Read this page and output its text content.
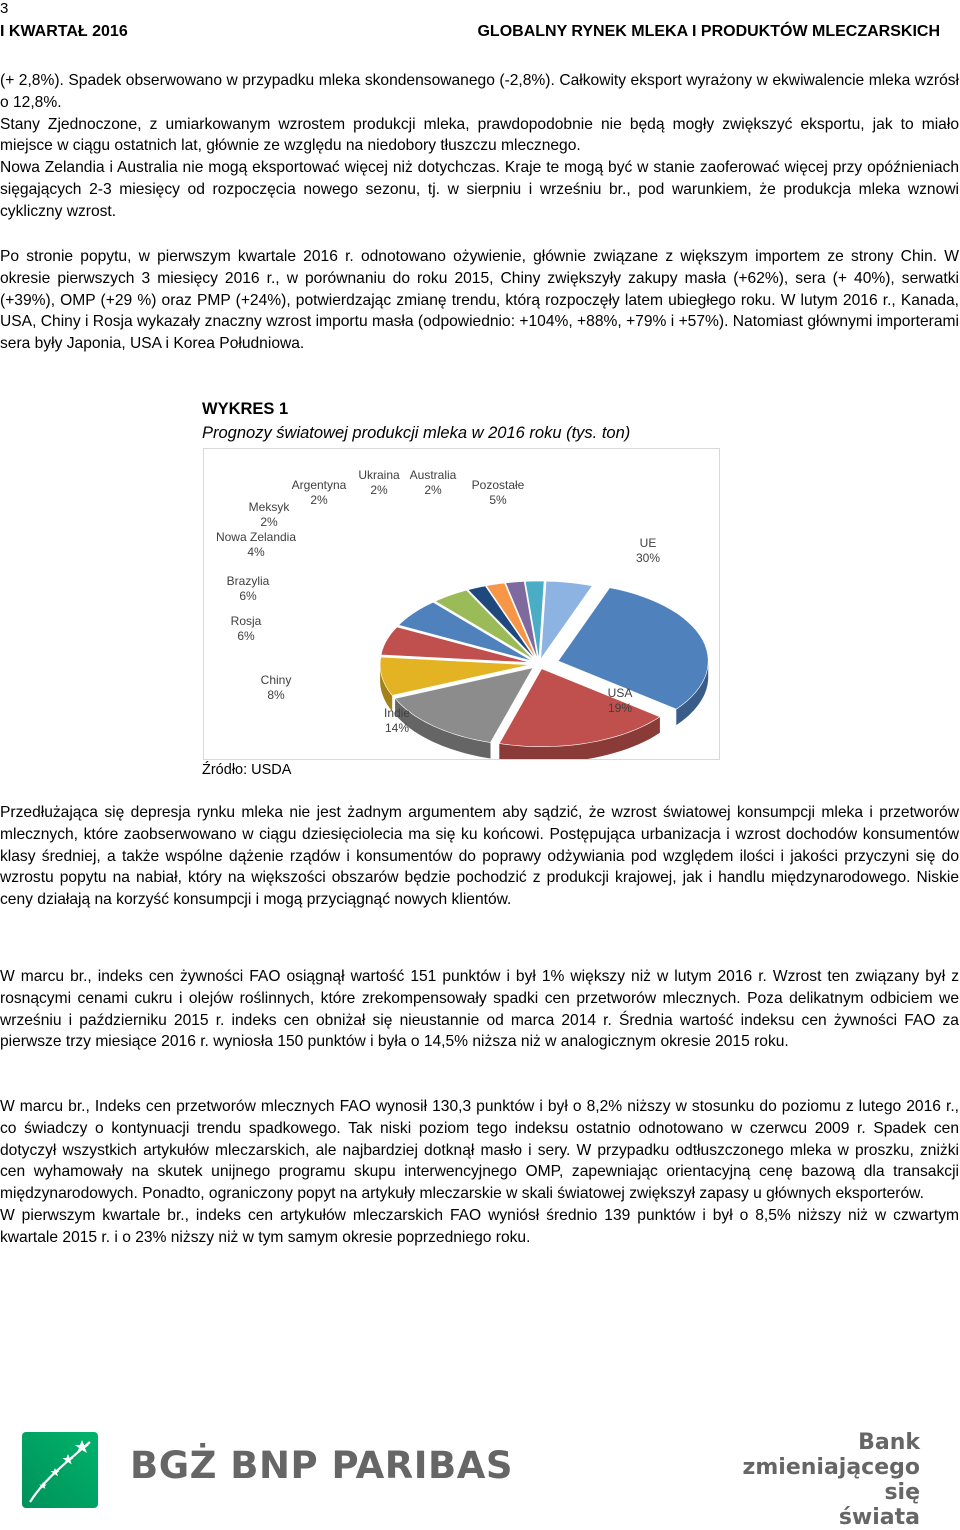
3
I KWARTAŁ 2016	GLOBALNY RYNEK MLEKA I PRODUKTÓW MLECZARSKICH

(+ 2,8%). Spadek obserwowano w przypadku mleka skondensowanego (-2,8%). Całkowity eksport wyrażony w ekwiwalencie mleka wzrósł o 12,8%.

Stany Zjednoczone, z umiarkowanym wzrostem produkcji mleka, prawdopodobnie nie będą mogły zwiększyć eksportu, jak to miało miejsce w ciągu ostatnich lat, głównie ze względu na niedobory tłuszczu mlecznego.

Nowa Zelandia i Australia nie mogą eksportować więcej niż dotychczas. Kraje te mogą być w stanie zaoferować więcej przy opóźnieniach sięgających 2-3 miesięcy od rozpoczęcia nowego sezonu, tj. w sierpniu i wrześniu br., pod warunkiem, że produkcja mleka wznowi cykliczny wzrost.

Po stronie popytu, w pierwszym kwartale 2016 r. odnotowano ożywienie, głównie związane z większym importem ze strony Chin. W okresie pierwszych 3 miesięcy 2016 r., w porównaniu do roku 2015, Chiny zwiększyły zakupy masła (+62%), sera (+ 40%), serwatki (+39%), OMP (+29 %) oraz PMP (+24%), potwierdzając zmianę trendu, którą rozpoczęły latem ubiegłego roku. W lutym 2016 r., Kanada, USA, Chiny i Rosja wykazały znaczny wzrost importu masła (odpowiednio: +104%, +88%, +79% i +57%). Natomiast głównymi importerami sera były Japonia, USA i Korea Południowa.

WYKRES 1
Prognozy światowej produkcji mleka w 2016 roku (tys. ton)
UE
30%
USA
19%
Indie
14%
Chiny
8%
Rosja
6%
Brazylia
6%
Nowa Zelandia
4%
Meksyk
2%
Argentyna
2%
Ukraina
2%
Australia
2% Pozostałe
5%
Źródło: USDA

Przedłużająca się depresja rynku mleka nie jest żadnym argumentem aby sądzić, że wzrost światowej konsumpcji mleka i przetworów mlecznych, które zaobserwowano w ciągu dziesięciolecia ma się ku końcowi. Postępująca urbanizacja i wzrost dochodów konsumentów klasy średniej, a także wspólne dążenie rządów i konsumentów do poprawy odżywiania pod względem ilości i jakości przyczyni się do wzrostu popytu na nabiał, który na większości obszarów będzie pochodzić z produkcji krajowej, jak i handlu międzynarodowego. Niskie ceny działają na korzyść konsumpcji i mogą przyciągnąć nowych klientów.

W marcu br., indeks cen żywności FAO osiągnął wartość 151 punktów i był 1% większy niż w lutym 2016 r. Wzrost ten związany był z rosnącymi cenami cukru i olejów roślinnych, które zrekompensowały spadki cen przetworów mlecznych. Poza delikatnym odbiciem we wrześniu i październiku 2015 r. indeks cen obniżał się nieustannie od marca 2014 r. Średnia wartość indeksu cen żywności FAO za pierwsze trzy miesiące 2016 r. wyniosła 150 punktów i była o 14,5% niższa niż w analogicznym okresie 2015 roku.

W marcu br., Indeks cen przetworów mlecznych FAO wynosił 130,3 punktów i był o 8,2% niższy w stosunku do poziomu z lutego 2016 r., co świadczy o kontynuacji trendu spadkowego. Tak niski poziom tego indeksu ostatnio odnotowano w czerwcu 2009 r. Spadek cen dotyczył wszystkich artykułów mleczarskich, ale najbardziej dotknął masło i sery. W przypadku odtłuszczonego mleka w proszku, zniżki cen wyhamowały na skutek unijnego programu skupu interwencyjnego OMP, zapewniając orientacyjną cenę bazową dla transakcji międzynarodowych. Ponadto, ograniczony popyt na artykuły mleczarskie w skali światowej zwiększył zapasy u głównych eksporterów.

W pierwszym kwartale br., indeks cen artykułów mleczarskich FAO wyniósł średnio 139 punktów i był o 8,5% niższy niż w czwartym kwartale 2015 r. i o 23% niższy niż w tym samym okresie poprzedniego roku.

BGŻ BNP PARIBAS
Bank
zmieniającego się
świata
